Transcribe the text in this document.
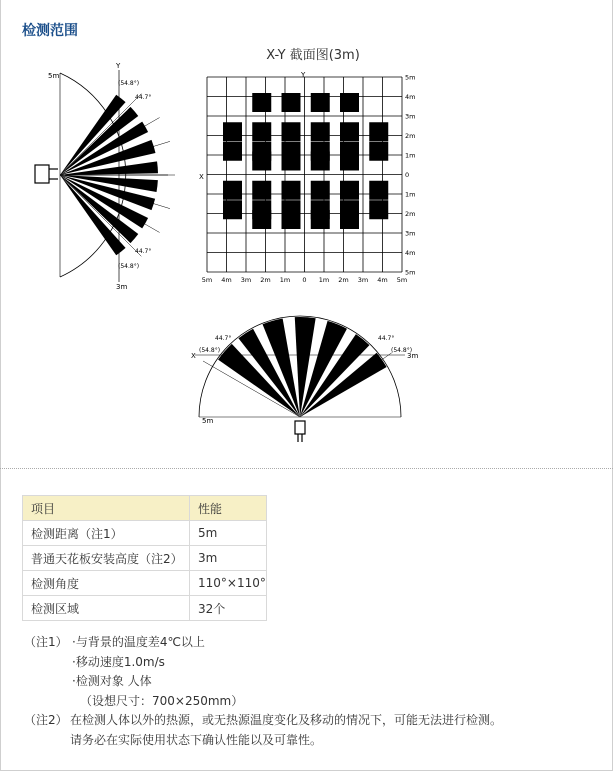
检测范围
5m
3m
Y
(54.8°)
44.7°
44.7°
(54.8°)
X-Y 截面图(3m)
5m 4m 3m 2m 1m 0 1m 2m 3m 4m 5m
5m
4m
3m
2m
1m
0
1m
2m
3m
4m
5m
X
Y
X	3m
5m
(54.8°)
44.7°	44.7°
(54.8°)
项目	性能
检测距离（注1）	5m
普通天花板安装高度（注2）	3m
检测角度	110°×110°
检测区域	32个
（注1） ·与背景的温度差4℃以上
·移动速度1.0m/s
·检测对象 人体
（设想尺寸：700×250mm）
（注2） 在检测人体以外的热源，或无热源温度变化及移动的情况下，可能无法进行检测。
请务必在实际使用状态下确认性能以及可靠性。
